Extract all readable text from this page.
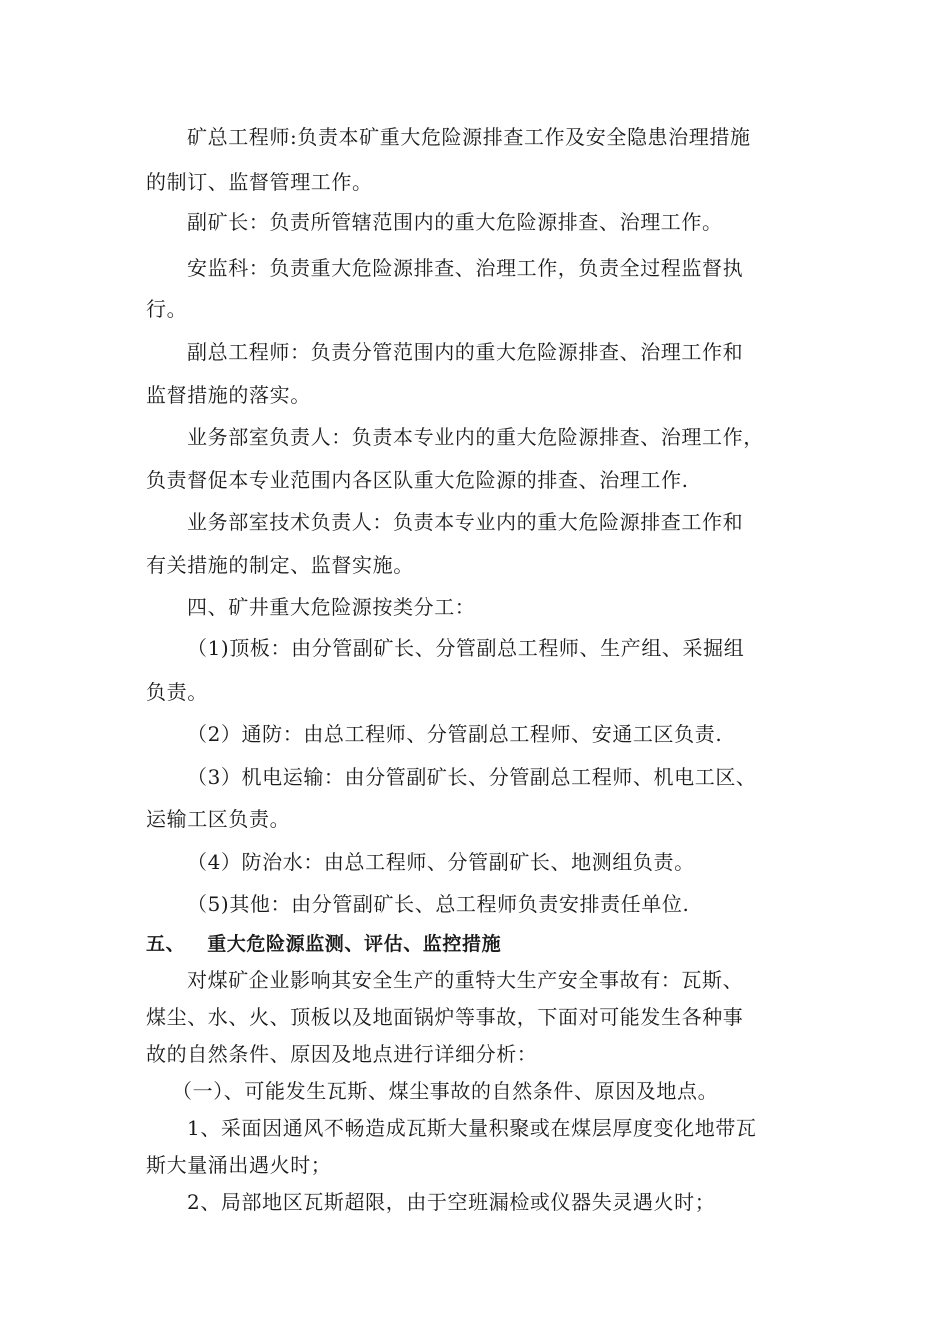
矿总工程师:负责本矿重大危险源排查工作及安全隐患治理措施
的制订、监督管理工作。
副矿长：负责所管辖范围内的重大危险源排查、治理工作。
安监科：负责重大危险源排查、治理工作，负责全过程监督执
行。
副总工程师：负责分管范围内的重大危险源排查、治理工作和
监督措施的落实。
业务部室负责人：负责本专业内的重大危险源排查、治理工作，
负责督促本专业范围内各区队重大危险源的排查、治理工作.
业务部室技术负责人：负责本专业内的重大危险源排查工作和
有关措施的制定、监督实施。
四、矿井重大危险源按类分工：
（1)顶板：由分管副矿长、分管副总工程师、生产组、采掘组
负责。
（2）通防：由总工程师、分管副总工程师、安通工区负责.
（3）机电运输：由分管副矿长、分管副总工程师、机电工区、
运输工区负责。
（4）防治水：由总工程师、分管副矿长、地测组负责。
（5)其他：由分管副矿长、总工程师负责安排责任单位.
五、 重大危险源监测、评估、监控措施
对煤矿企业影响其安全生产的重特大生产安全事故有：瓦斯、
煤尘、水、火、顶板以及地面锅炉等事故，下面对可能发生各种事
故的自然条件、原因及地点进行详细分析：
（一）、可能发生瓦斯、煤尘事故的自然条件、原因及地点。
1、采面因通风不畅造成瓦斯大量积聚或在煤层厚度变化地带瓦
斯大量涌出遇火时；
2、局部地区瓦斯超限，由于空班漏检或仪器失灵遇火时；
